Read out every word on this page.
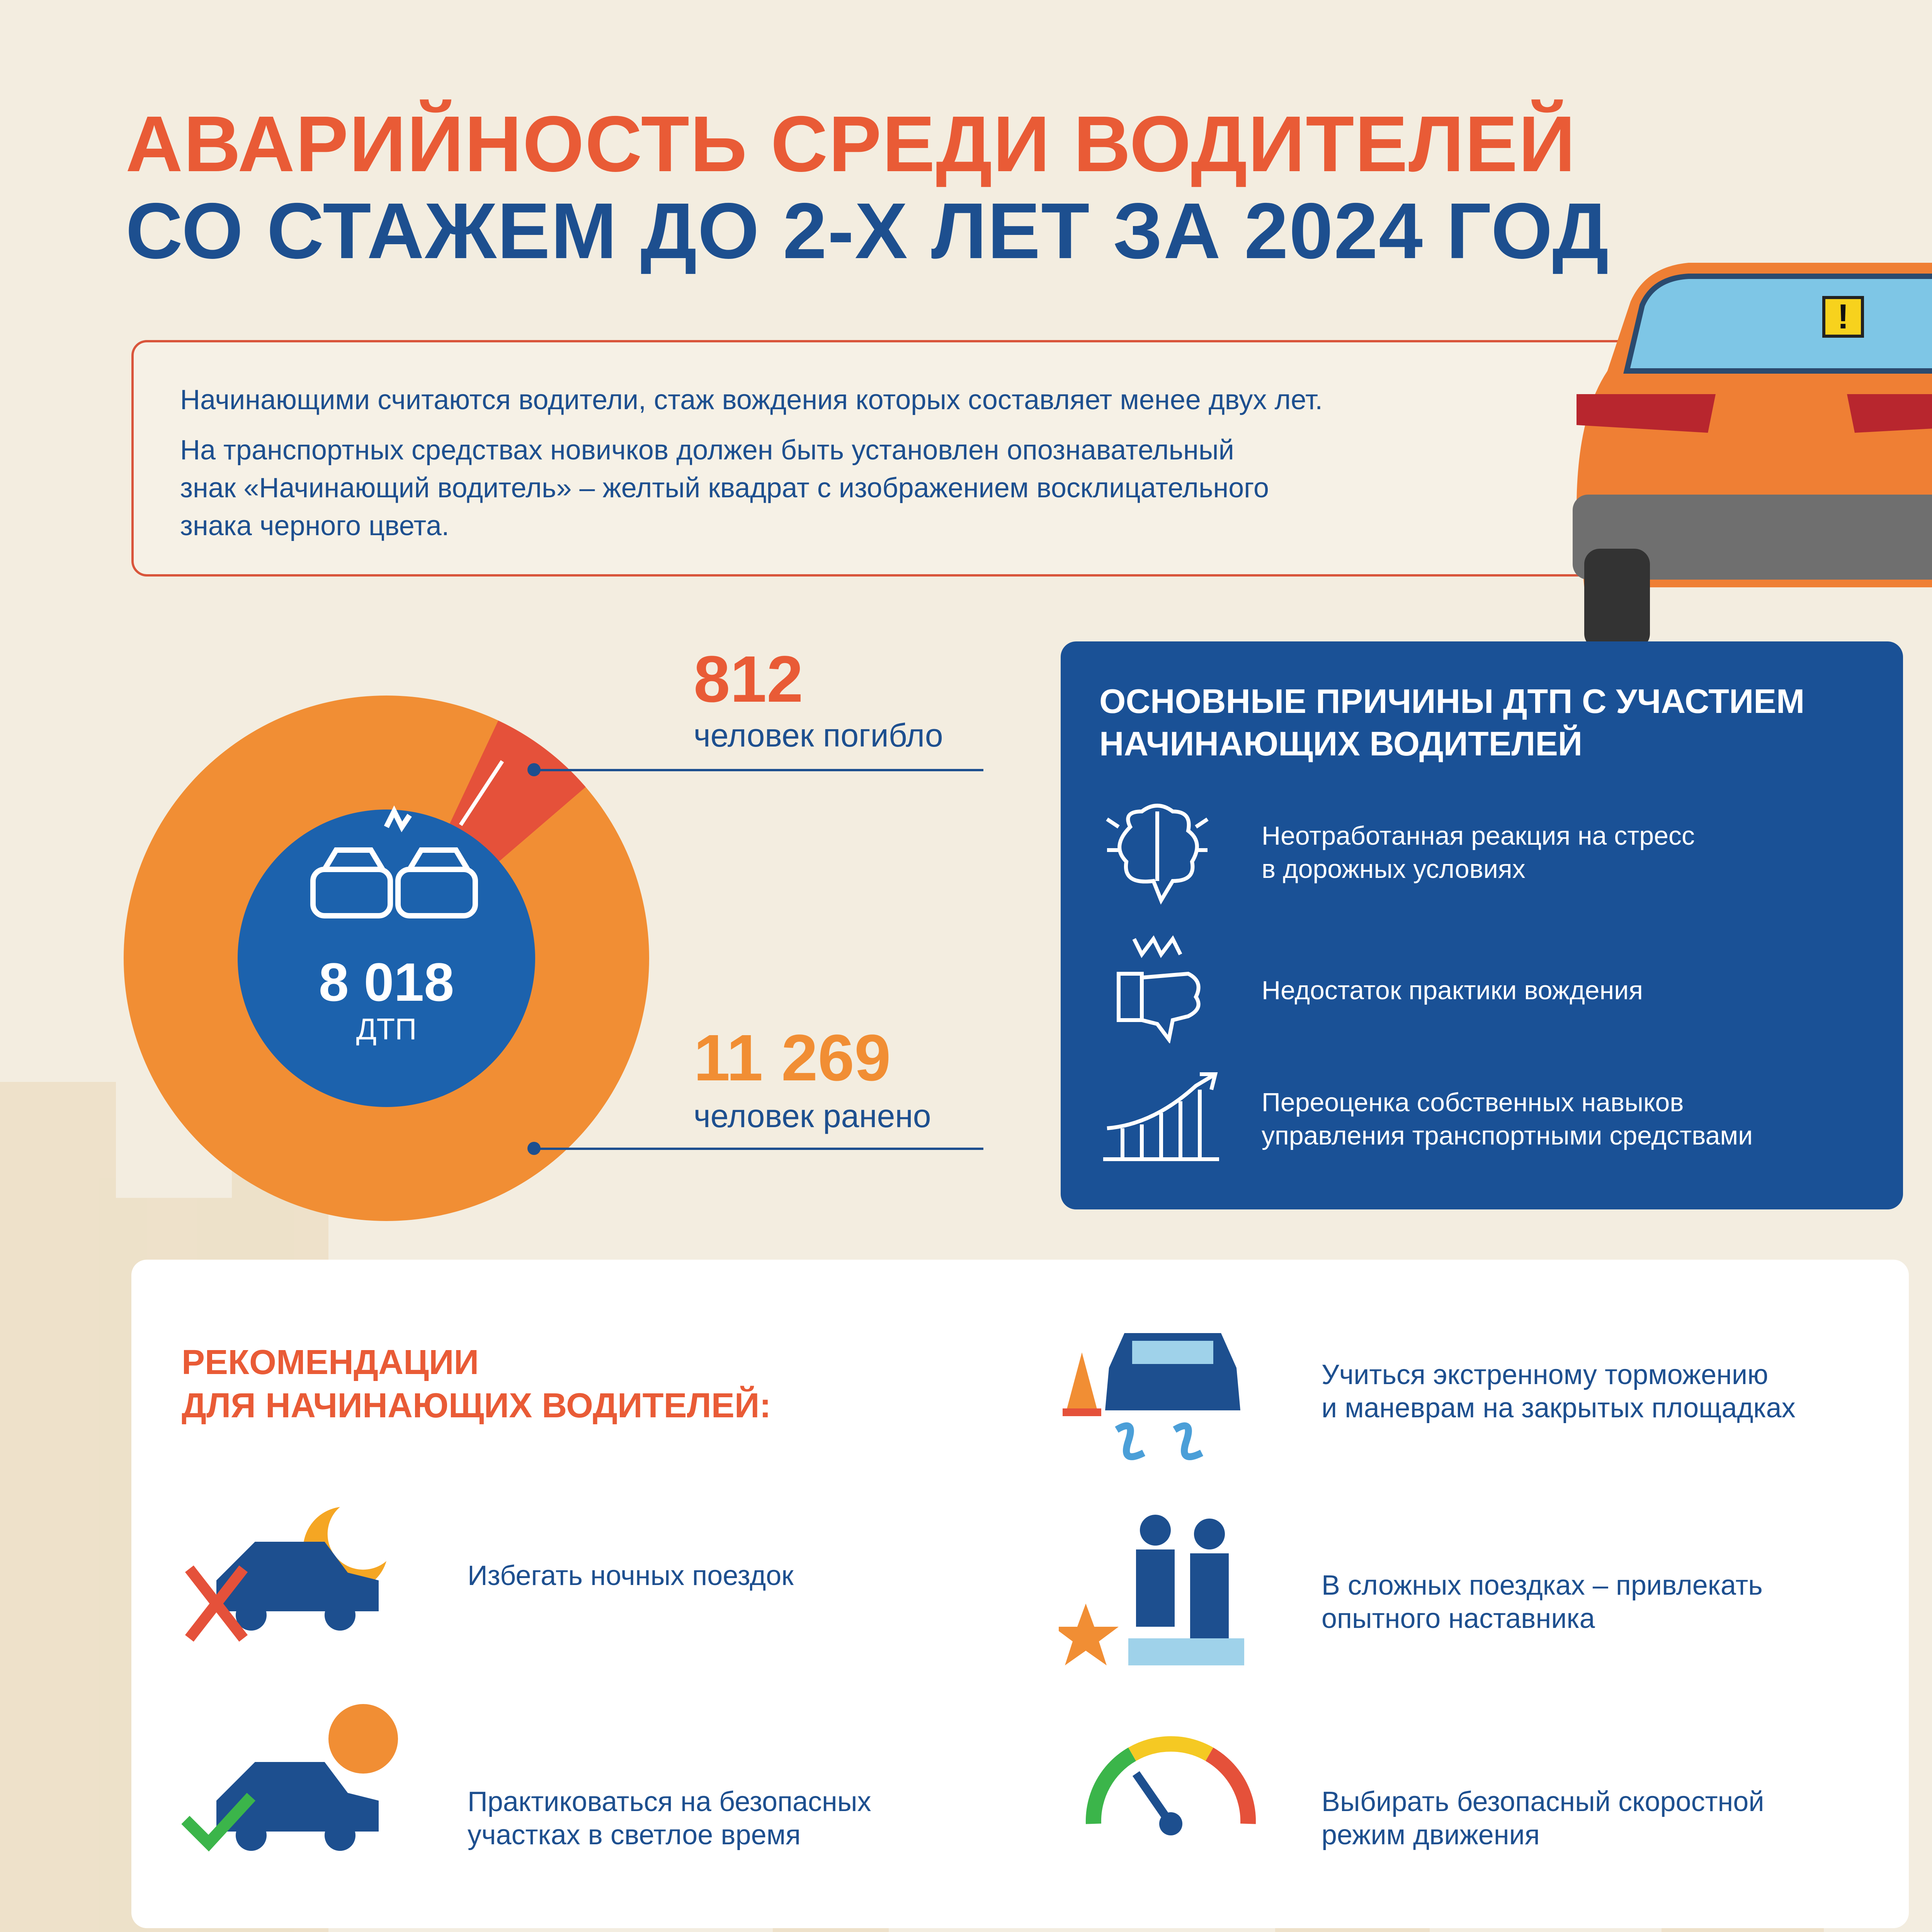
АВАРИЙНОСТЬ СРЕДИ ВОДИТЕЛЕЙ
СО СТАЖЕМ ДО 2-Х ЛЕТ ЗА 2024 ГОД

Начинающими считаются водители, стаж вождения которых составляет менее двух лет.

На транспортных средствах новичков должен быть установлен опознавательный

знак «Начинающий водитель» – желтый квадрат с изображением восклицательного

знака черного цвета.

!
8 018
ДТП
812
человек погибло
11 269
человек ранено
ОСНОВНЫЕ ПРИЧИНЫ ДТП С УЧАСТИЕМ
НАЧИНАЮЩИХ ВОДИТЕЛЕЙ
Неотработанная реакция на стресс
в дорожных условиях
Недостаток практики вождения
Переоценка собственных навыков
управления транспортными средствами
РЕКОМЕНДАЦИИ
ДЛЯ НАЧИНАЮЩИХ ВОДИТЕЛЕЙ:
Учиться экстренному торможению
и маневрам на закрытых площадках
Избегать ночных поездок	В сложных поездках – привлекать
опытного наставника
Практиковаться на безопасных
участках в светлое время
Выбирать безопасный скоростной
режим движения
